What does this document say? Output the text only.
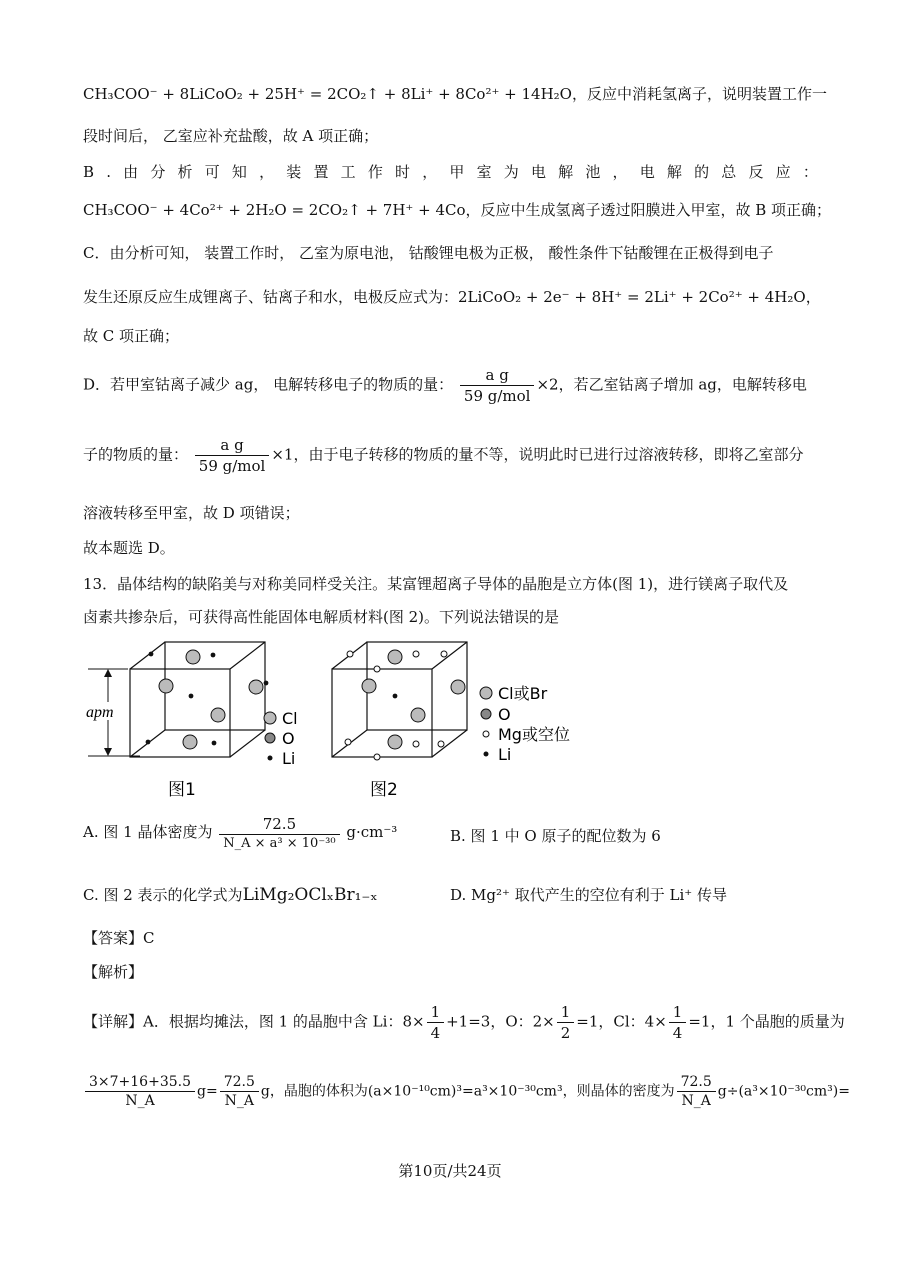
CH₃COO⁻ + 8LiCoO₂ + 25H⁺ = 2CO₂↑ + 8Li⁺ + 8Co²⁺ + 14H₂O，反应中消耗氢离子，说明装置工作一
段时间后， 乙室应补充盐酸，故 A 项正确；
B . 由 分 析 可 知 ， 装 置 工 作 时 ， 甲 室 为 电 解 池 ， 电 解 的 总 反 应 ：
CH₃COO⁻ + 4Co²⁺ + 2H₂O = 2CO₂↑ + 7H⁺ + 4Co，反应中生成氢离子透过阳膜进入甲室，故 B 项正确；
C．由分析可知， 装置工作时， 乙室为原电池， 钴酸锂电极为正极， 酸性条件下钴酸锂在正极得到电子
发生还原反应生成锂离子、钴离子和水，电极反应式为：2LiCoO₂ + 2e⁻ + 8H⁺ = 2Li⁺ + 2Co²⁺ + 4H₂O，
故 C 项正确；
D．若甲室钴离子减少 ag， 电解转移电子的物质的量： $\frac{\text{a g}}{\text{59 g/mol}} \times 2$，若乙室钴离子增加 ag，电解转移电
子的物质的量： $\frac{\text{a g}}{\text{59 g/mol}} \times 1$，由于电子转移的物质的量不等，说明此时已进行过溶液转移，即将乙室部分
溶液转移至甲室，故 D 项错误；
故本题选 D。
13．晶体结构的缺陷美与对称美同样受关注。某富锂超离子导体的晶胞是立方体(图 1)，进行镁离子取代及
卤素共掺杂后，可获得高性能固体电解质材料(图 2)。下列说法错误的是
apm
图1
Cl
O
Li
图2
Cl或Br
O
Mg或空位
Li
A. 图 1 晶体密度为 $\frac{72.5}{\text{N\_A × a³ × 10⁻³⁰}} g\cdot cm^{-3}$	B. 图 1 中 O 原子的配位数为 6
C. 图 2 表示的化学式为LiMg₂OClₓBr₁₋ₓ	D. Mg²⁺ 取代产生的空位有利于 Li⁺ 传导
【答案】C
【解析】
【详解】A．根据均摊法，图 1 的晶胞中含 Li：$8\times \frac{1}{4} +1=3$，O：$2\times \frac{1}{2} =1$，Cl：$4\times \frac{1}{4} =1$，1 个晶胞的质量为
$\frac{3\times 7+16+35.5}{N\_A} g= \frac{72.5}{N\_A}$ g，晶胞的体积为(a×10⁻¹⁰cm)³=a³×10⁻³⁰cm³，则晶体的密度为 $\frac{72.5}{N\_A} g\div(a^3\times 10^{-30}cm^3)=$
第10页/共24页
